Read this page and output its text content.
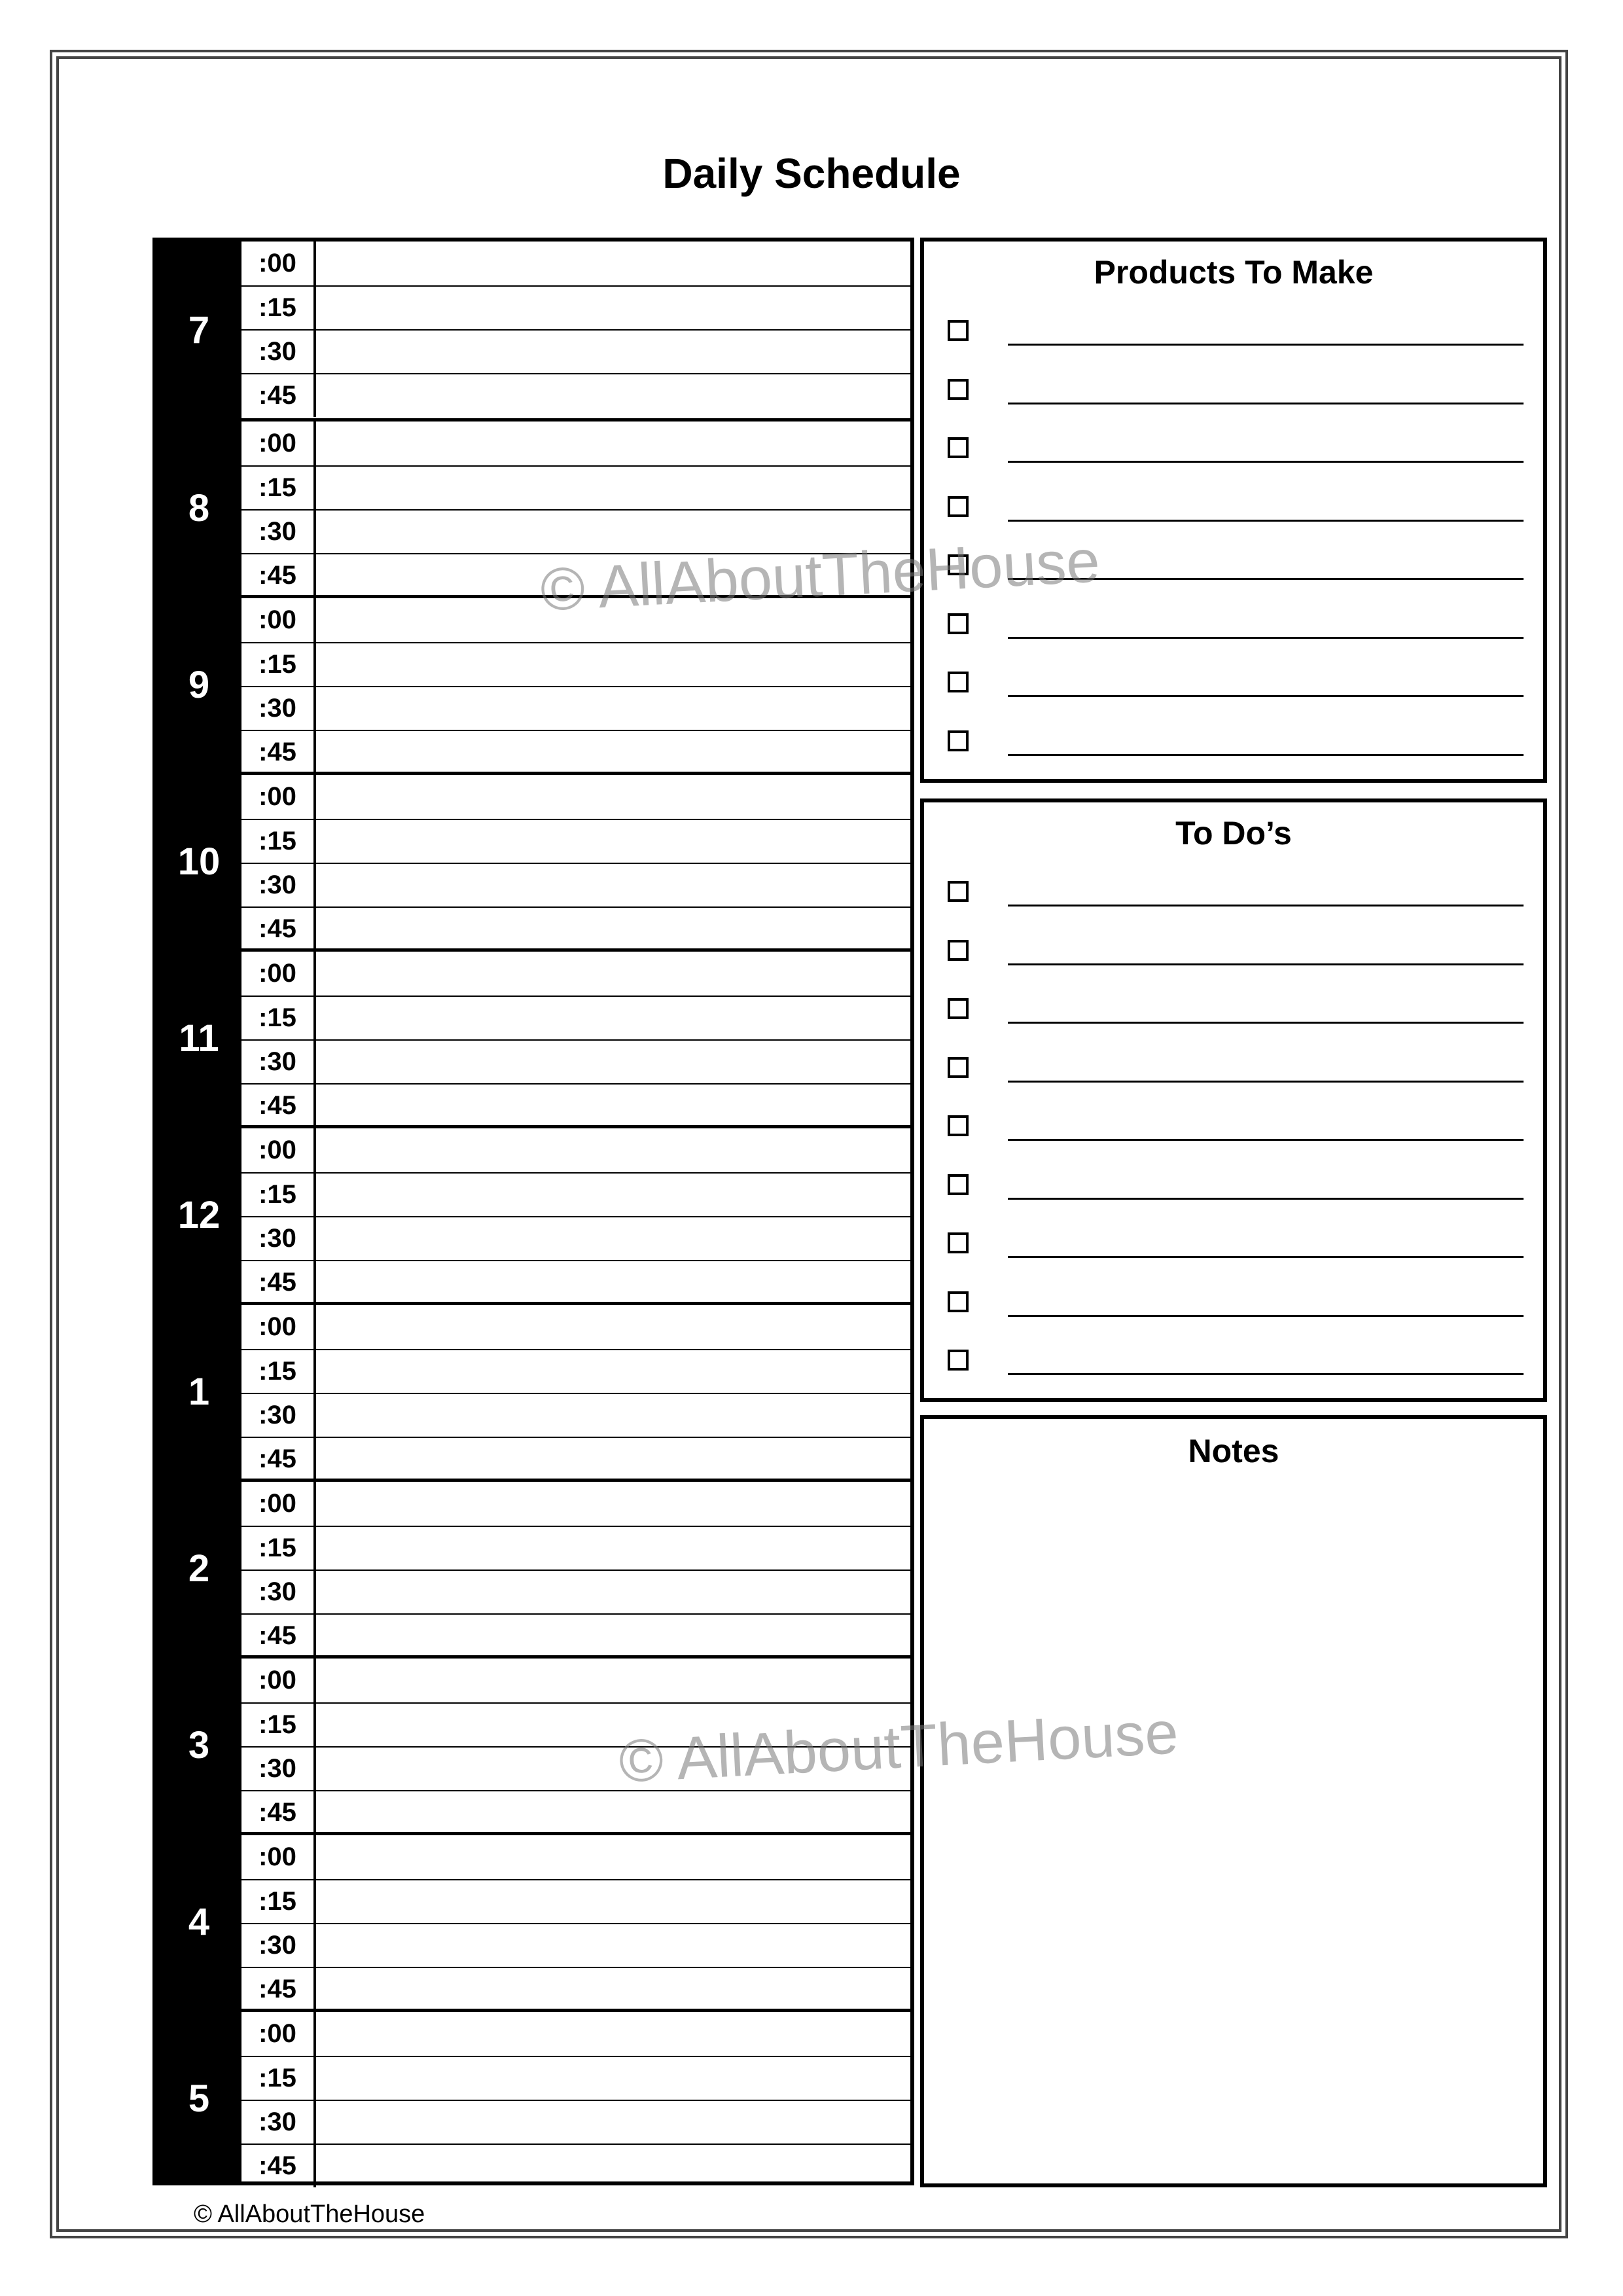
Daily Schedule
7
:00
:15
:30
:45
8
:00
:15
:30
:45
9
:00
:15
:30
:45
10
:00
:15
:30
:45
11
:00
:15
:30
:45
12
:00
:15
:30
:45
1
:00
:15
:30
:45
2
:00
:15
:30
:45
3
:00
:15
:30
:45
4
:00
:15
:30
:45
5
:00
:15
:30
:45
Products To Make
To Do’s
Notes
© AllAboutTheHouse
© AllAboutTheHouse
© AllAboutTheHouse
